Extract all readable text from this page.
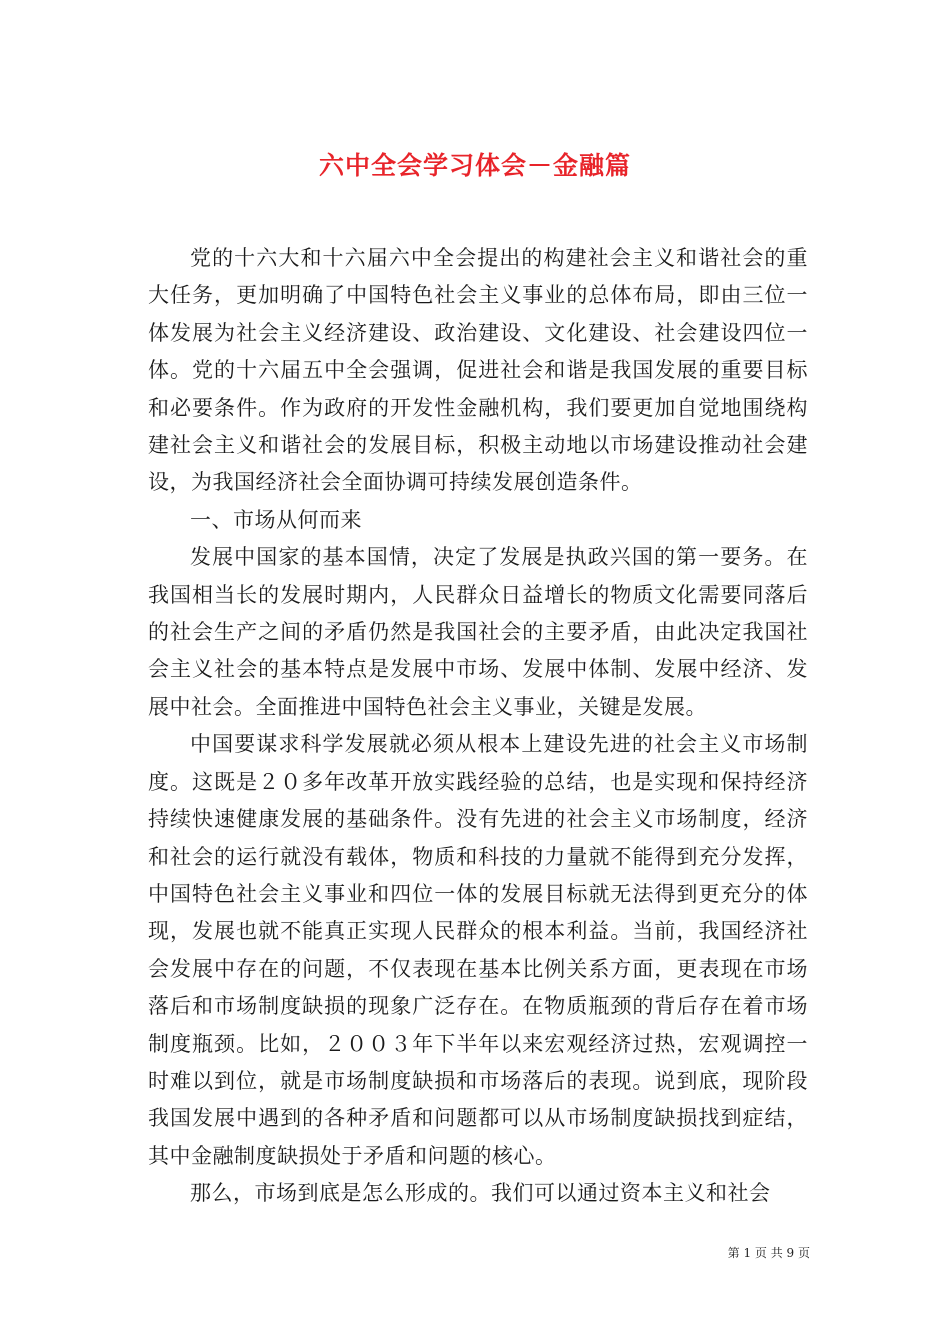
六中全会学习体会－金融篇

党的十六大和十六届六中全会提出的构建社会主义和谐社会的重大任务，更加明确了中国特色社会主义事业的总体布局，即由三位一体发展为社会主义经济建设、政治建设、文化建设、社会建设四位一体。党的十六届五中全会强调，促进社会和谐是我国发展的重要目标和必要条件。作为政府的开发性金融机构，我们要更加自觉地围绕构建社会主义和谐社会的发展目标，积极主动地以市场建设推动社会建设，为我国经济社会全面协调可持续发展创造条件。

一、市场从何而来

发展中国家的基本国情，决定了发展是执政兴国的第一要务。在我国相当长的发展时期内，人民群众日益增长的物质文化需要同落后的社会生产之间的矛盾仍然是我国社会的主要矛盾，由此决定我国社会主义社会的基本特点是发展中市场、发展中体制、发展中经济、发展中社会。全面推进中国特色社会主义事业，关键是发展。

中国要谋求科学发展就必须从根本上建设先进的社会主义市场制度。这既是２０多年改革开放实践经验的总结，也是实现和保持经济持续快速健康发展的基础条件。没有先进的社会主义市场制度，经济和社会的运行就没有载体，物质和科技的力量就不能得到充分发挥，中国特色社会主义事业和四位一体的发展目标就无法得到更充分的体现，发展也就不能真正实现人民群众的根本利益。当前，我国经济社会发展中存在的问题，不仅表现在基本比例关系方面，更表现在市场落后和市场制度缺损的现象广泛存在。在物质瓶颈的背后存在着市场制度瓶颈。比如，２００３年下半年以来宏观经济过热，宏观调控一时难以到位，就是市场制度缺损和市场落后的表现。说到底，现阶段我国发展中遇到的各种矛盾和问题都可以从市场制度缺损找到症结，其中金融制度缺损处于矛盾和问题的核心。

那么，市场到底是怎么形成的。我们可以通过资本主义和社会

第 1 页 共 9 页
